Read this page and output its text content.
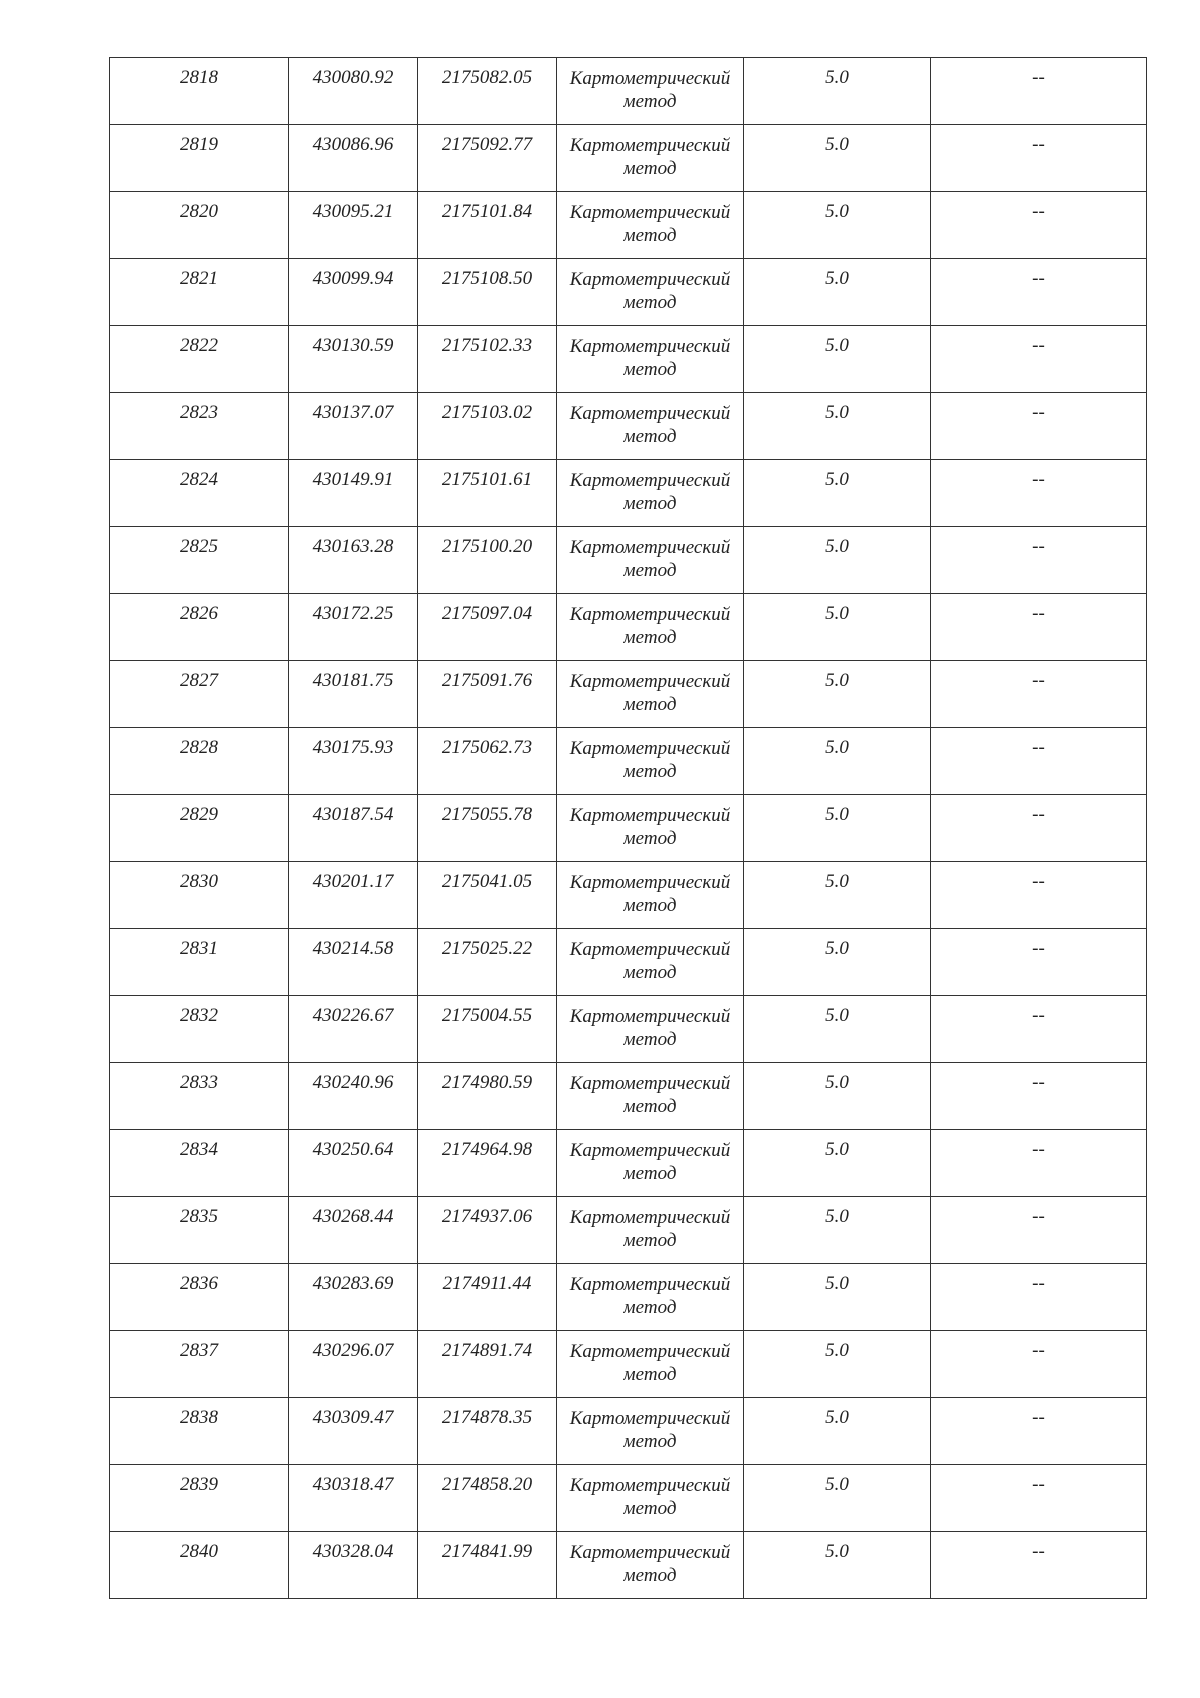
2818	430080.92	2175082.05	Картометрический метод	5.0	--
2819	430086.96	2175092.77	Картометрический метод	5.0	--
2820	430095.21	2175101.84	Картометрический метод	5.0	--
2821	430099.94	2175108.50	Картометрический метод	5.0	--
2822	430130.59	2175102.33	Картометрический метод	5.0	--
2823	430137.07	2175103.02	Картометрический метод	5.0	--
2824	430149.91	2175101.61	Картометрический метод	5.0	--
2825	430163.28	2175100.20	Картометрический метод	5.0	--
2826	430172.25	2175097.04	Картометрический метод	5.0	--
2827	430181.75	2175091.76	Картометрический метод	5.0	--
2828	430175.93	2175062.73	Картометрический метод	5.0	--
2829	430187.54	2175055.78	Картометрический метод	5.0	--
2830	430201.17	2175041.05	Картометрический метод	5.0	--
2831	430214.58	2175025.22	Картометрический метод	5.0	--
2832	430226.67	2175004.55	Картометрический метод	5.0	--
2833	430240.96	2174980.59	Картометрический метод	5.0	--
2834	430250.64	2174964.98	Картометрический метод	5.0	--
2835	430268.44	2174937.06	Картометрический метод	5.0	--
2836	430283.69	2174911.44	Картометрический метод	5.0	--
2837	430296.07	2174891.74	Картометрический метод	5.0	--
2838	430309.47	2174878.35	Картометрический метод	5.0	--
2839	430318.47	2174858.20	Картометрический метод	5.0	--
2840	430328.04	2174841.99	Картометрический метод	5.0	--
